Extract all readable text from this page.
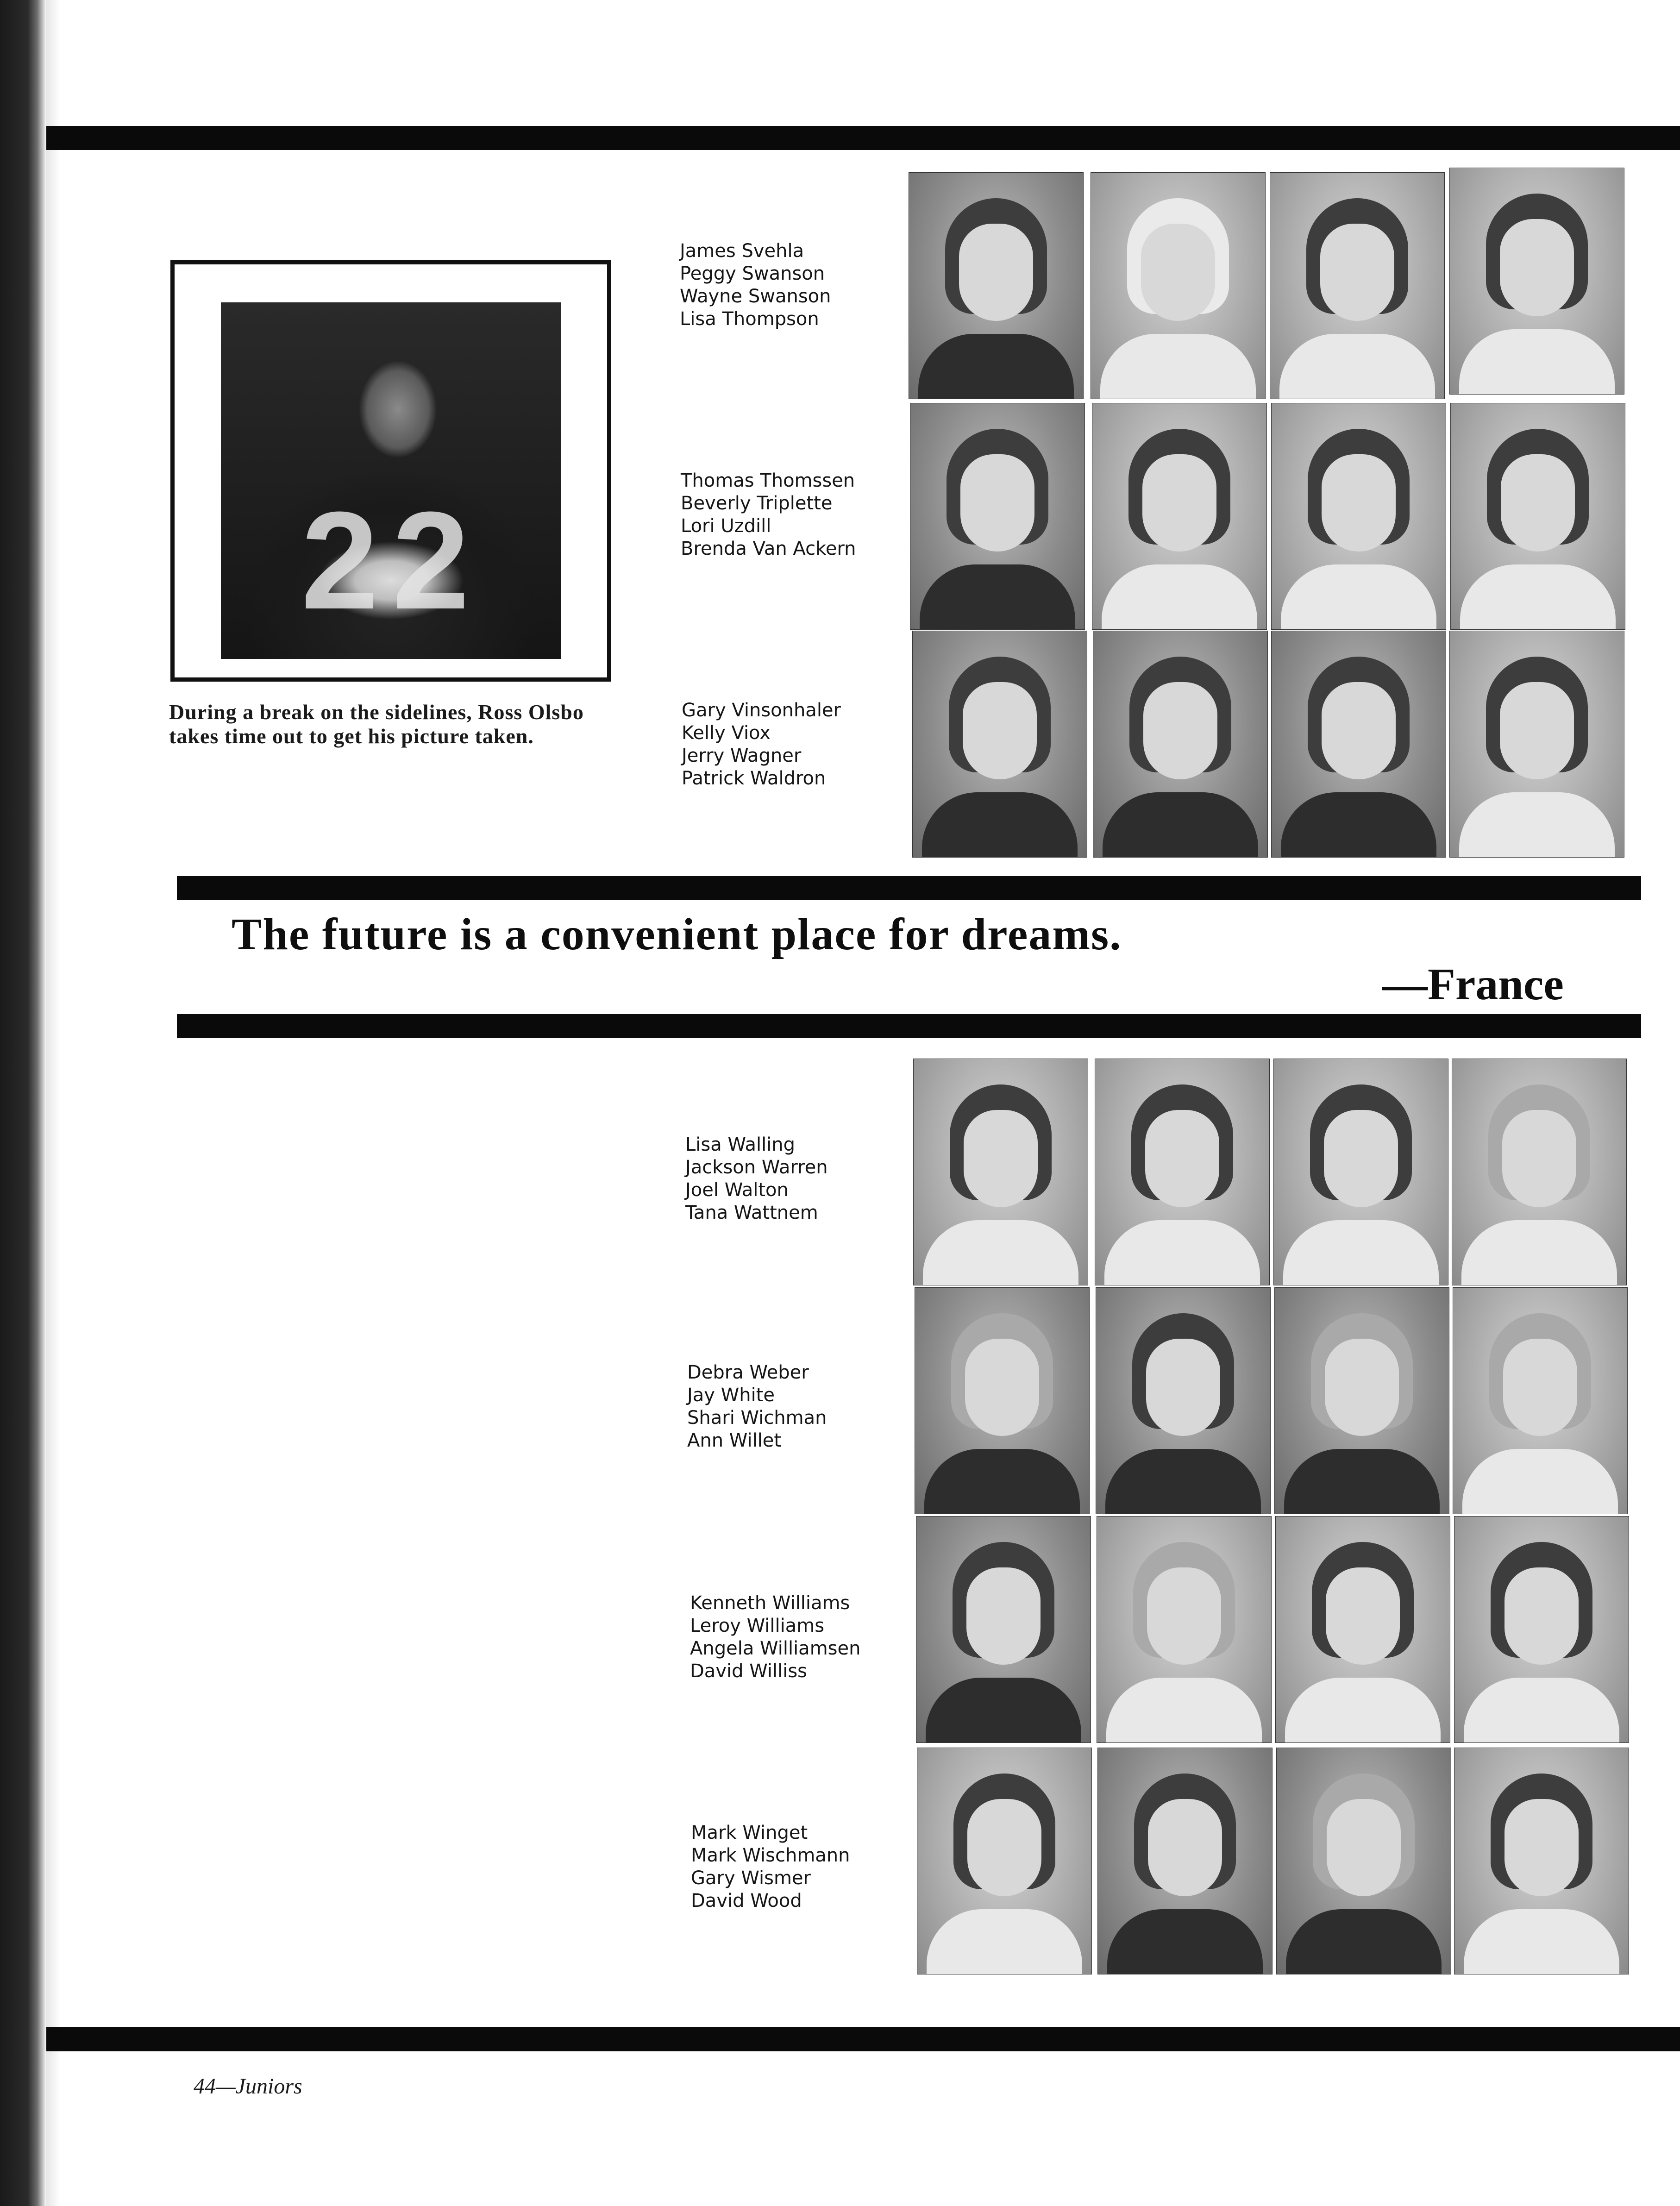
22
During a break on the sidelines, Ross Olsbo
takes time out to get his picture taken.
James Svehla
Peggy Swanson
Wayne Swanson
Lisa Thompson
Thomas Thomssen
Beverly Triplette
Lori Uzdill
Brenda Van Ackern
Gary Vinsonhaler
Kelly Viox
Jerry Wagner
Patrick Waldron
The future is a convenient place for dreams.
—France
Lisa Walling
Jackson Warren
Joel Walton
Tana Wattnem
Debra Weber
Jay White
Shari Wichman
Ann Willet
Kenneth Williams
Leroy Williams
Angela Williamsen
David Williss
Mark Winget
Mark Wischmann
Gary Wismer
David Wood
44—Juniors
